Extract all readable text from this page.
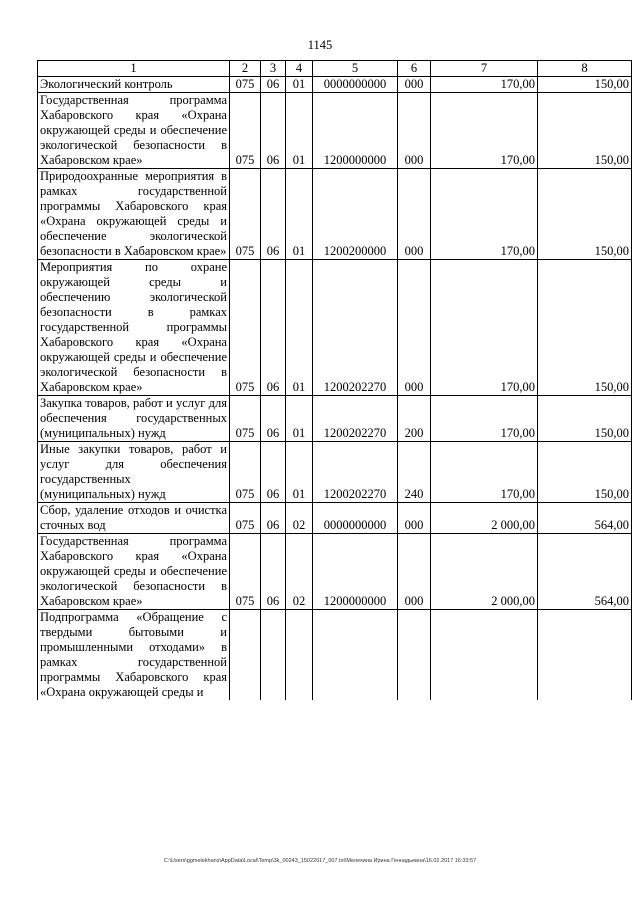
1145
1	2	3	4	5	6	7	8
Экологический контроль	075	06	01	0000000000	000	170,00	150,00
Государственная программа Хабаровского края «Охрана окружающей среды и обеспечение экологической безопасности в Хабаровском крае»	075	06	01	1200000000	000	170,00	150,00
Природоохранные мероприятия в рамках государственной программы Хабаровского края «Охрана окружающей среды и обеспечение экологической безопасности в Хабаровском крае»	075	06	01	1200200000	000	170,00	150,00
Мероприятия по охране окружающей среды и обеспечению экологической безопасности в рамках государственной программы Хабаровского края «Охрана окружающей среды и обеспечение экологической безопасности в Хабаровском крае»	075	06	01	1200202270	000	170,00	150,00
Закупка товаров, работ и услуг для обеспечения государственных (муниципальных) нужд	075	06	01	1200202270	200	170,00	150,00
Иные закупки товаров, работ и услуг для обеспечения государственных (муниципальных) нужд	075	06	01	1200202270	240	170,00	150,00
Сбор, удаление отходов и очистка сточных вод	075	06	02	0000000000	000	2 000,00	564,00
Государственная программа Хабаровского края «Охрана окружающей среды и обеспечение экологической безопасности в Хабаровском крае»	075	06	02	1200000000	000	2 000,00	564,00
Подпрограмма «Обращение с твердыми бытовыми и промышленными отходами» в рамках государственной программы Хабаровского края «Охрана окружающей среды и							
C:\Users\ggmelekhans\AppData\Local\Temp\3k_00243_15022017_007.txt\Мелехина Ирина Геннадьевна\16.02.2017 16:33:57
